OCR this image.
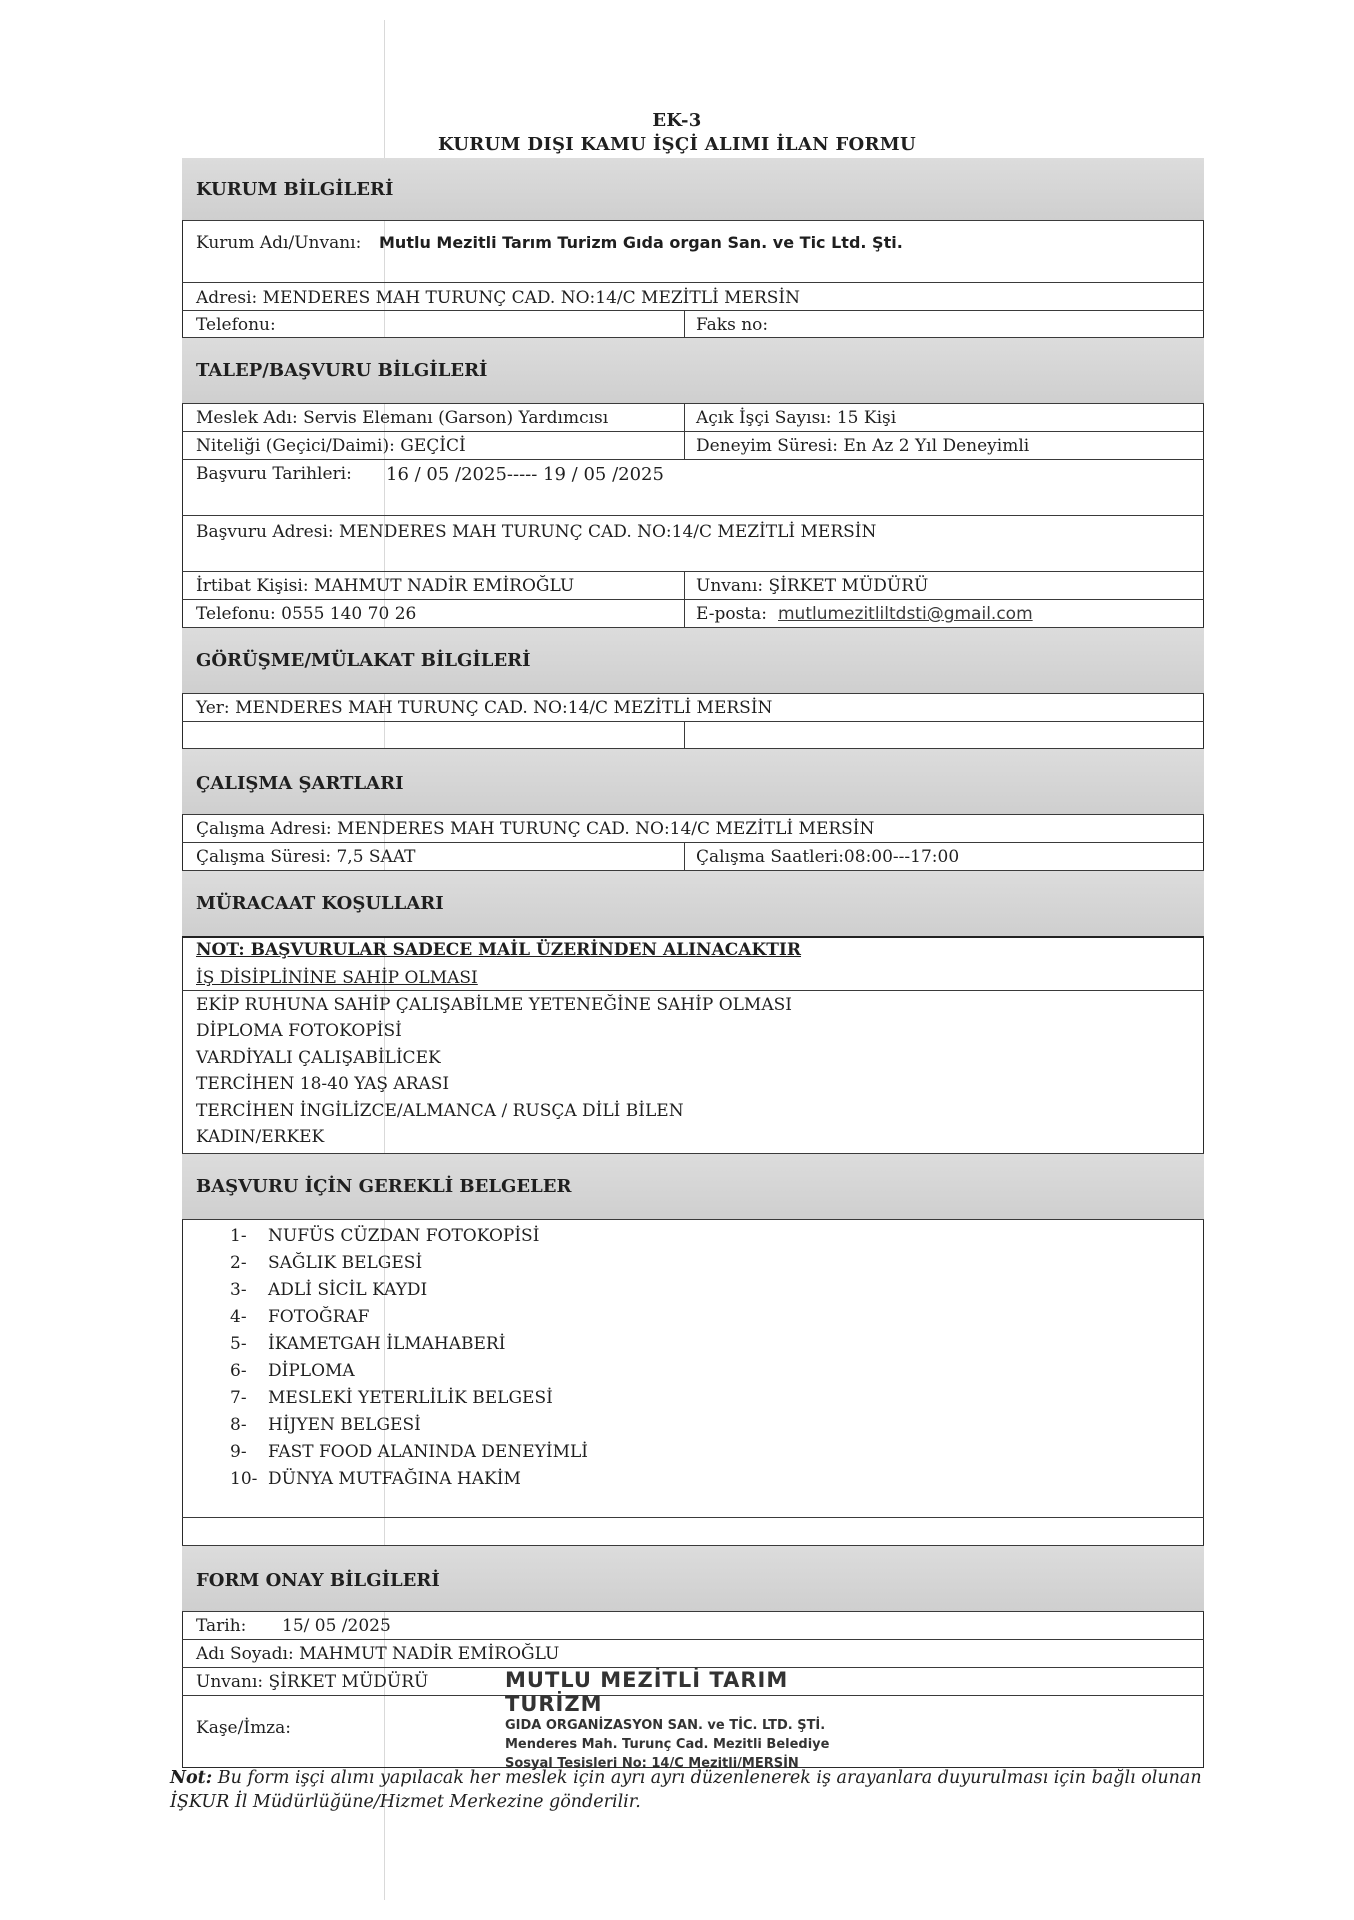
EK-3
KURUM DIŞI KAMU İŞÇİ ALIMI İLAN FORMU
KURUM BİLGİLERİ
Kurum Adı/Unvanı: Mutlu Mezitli Tarım Turizm Gıda organ San. ve Tic Ltd. Şti.
Adresi: MENDERES MAH TURUNÇ CAD. NO:14/C MEZİTLİ MERSİN
Telefonu:	Faks no:
TALEP/BAŞVURU BİLGİLERİ
Meslek Adı: Servis Elemanı (Garson) Yardımcısı	Açık İşçi Sayısı: 15 Kişi
Niteliği (Geçici/Daimi): GEÇİCİ	Deneyim Süresi: En Az 2 Yıl Deneyimli
Başvuru Tarihleri: 16 / 05 /2025----- 19 / 05 /2025
Başvuru Adresi: MENDERES MAH TURUNÇ CAD. NO:14/C MEZİTLİ MERSİN
İrtibat Kişisi: MAHMUT NADİR EMİROĞLU	Unvanı: ŞİRKET MÜDÜRÜ
Telefonu: 0555 140 70 26	E-posta: mutlumezitliltdsti@gmail.com
GÖRÜŞME/MÜLAKAT BİLGİLERİ
Yer: MENDERES MAH TURUNÇ CAD. NO:14/C MEZİTLİ MERSİN
ÇALIŞMA ŞARTLARI
Çalışma Adresi: MENDERES MAH TURUNÇ CAD. NO:14/C MEZİTLİ MERSİN
Çalışma Süresi: 7,5 SAAT	Çalışma Saatleri:08:00---17:00
MÜRACAAT KOŞULLARI
NOT: BAŞVURULAR SADECE MAİL ÜZERİNDEN ALINACAKTIR
İŞ DİSİPLİNİNE SAHİP OLMASI
EKİP RUHUNA SAHİP ÇALIŞABİLME YETENEĞİNE SAHİP OLMASI
DİPLOMA FOTOKOPİSİ
VARDİYALI ÇALIŞABİLİCEK
TERCİHEN 18-40 YAŞ ARASI
TERCİHEN İNGİLİZCE/ALMANCA / RUSÇA DİLİ BİLEN
KADIN/ERKEK
BAŞVURU İÇİN GEREKLİ BELGELER
1- NUFÜS CÜZDAN FOTOKOPİSİ
2- SAĞLIK BELGESİ
3- ADLİ SİCİL KAYDI
4- FOTOĞRAF
5- İKAMETGAH İLMAHABERİ
6- DİPLOMA
7- MESLEKİ YETERLİLİK BELGESİ
8- HİJYEN BELGESİ
9- FAST FOOD ALANINDA DENEYİMLİ
10- DÜNYA MUTFAĞINA HAKİM
FORM ONAY BİLGİLERİ
Tarih: 15/ 05 /2025
Adı Soyadı: MAHMUT NADİR EMİROĞLU
Unvanı: ŞİRKET MÜDÜRÜ
Kaşe/İmza:
MUTLU MEZİTLİ TARIM TURİZM
GIDA ORGANİZASYON SAN. ve TİC. LTD. ŞTİ.
Menderes Mah. Turunç Cad. Mezitli Belediye
Sosyal Tesisleri No: 14/C Mezitli/MERSİN
Not: Bu form işçi alımı yapılacak her meslek için ayrı ayrı düzenlenerek iş arayanlara duyurulması için bağlı olunan İŞKUR İl Müdürlüğüne/Hizmet Merkezine gönderilir.
